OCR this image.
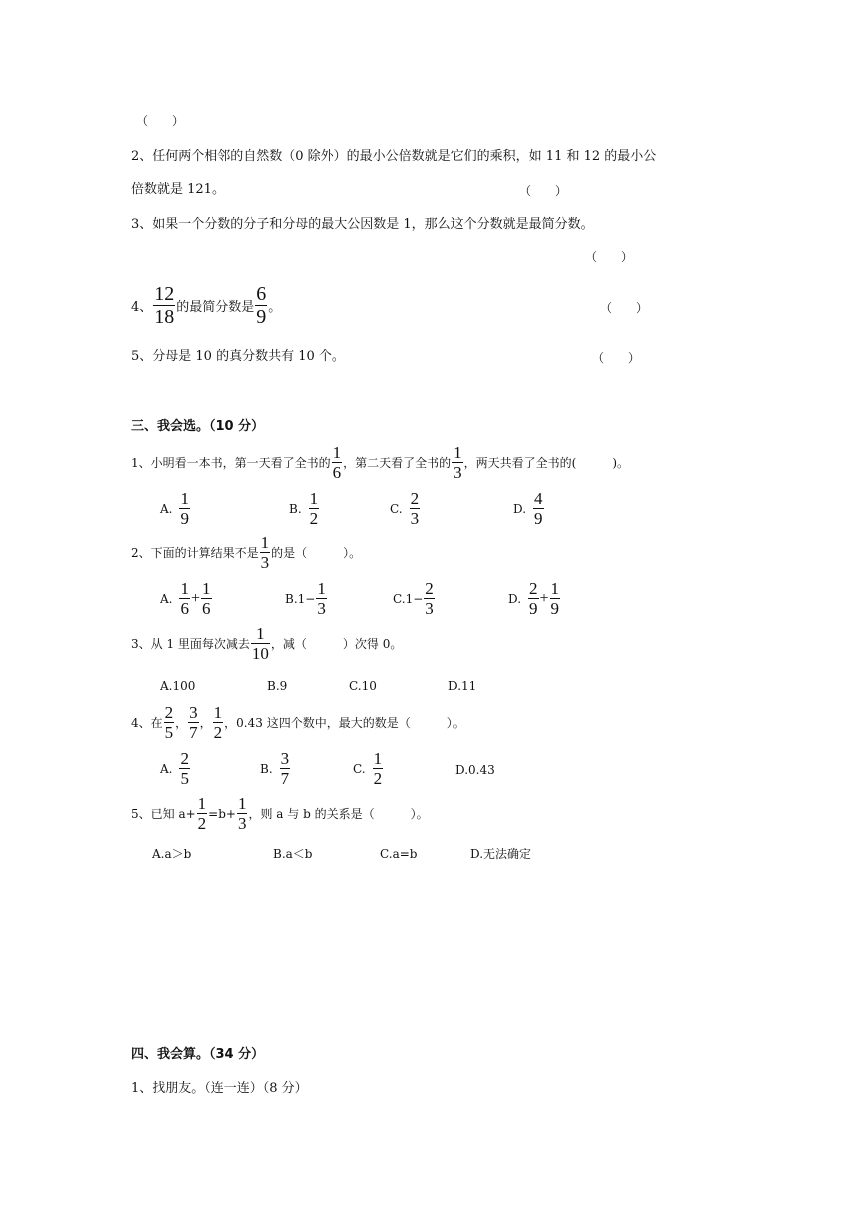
（　　）
2、任何两个相邻的自然数（0 除外）的最小公倍数就是它们的乘积，如 11 和 12 的最小公
倍数就是 121。	（　　）
3、如果一个分数的分子和分母的最大公因数是 1，那么这个分数就是最简分数。
（　　）
4、 $\frac{12}{18}$ 的最简分数是 $\frac{6}{9}$ 。	（　　）
5、分母是 10 的真分数共有 10 个。	（　　）
三、我会选。（10 分）
1、小明看一本书，第一天看了全书的 $\frac{1}{6}$ ，第二天看了全书的 $\frac{1}{3}$ ，两天共看了全书的(　　　)。
A. $\frac{1}{9}$	B. $\frac{1}{2}$	C. $\frac{2}{3}$	D. $\frac{4}{9}$
2、下面的计算结果不是 $\frac{1}{3}$ 的是（　　　）。
A. $\frac{1}{6} + \frac{1}{6}$	B. $1- \frac{1}{3}$	C. $1- \frac{2}{3}$	D. $\frac{2}{9} + \frac{1}{9}$
3、从 1 里面每次减去 $\frac{1}{10}$ ，减（　　　）次得 0。
A.100	B.9	C.10	D.11
4、在 $\frac{2}{5}$ ， $\frac{3}{7}$ ， $\frac{1}{2}$ ，0.43 这四个数中，最大的数是（　　　）。
A. $\frac{2}{5}$	B. $\frac{3}{7}$	C. $\frac{1}{2}$	D.0.43
5、已知 $a+ \frac{1}{2} =b+ \frac{1}{3}$ ，则 a 与 b 的关系是（　　　）。
A.a＞b	B.a＜b	C.a=b	D.无法确定
四、我会算。（34 分）
1、找朋友。（连一连）（8 分）
